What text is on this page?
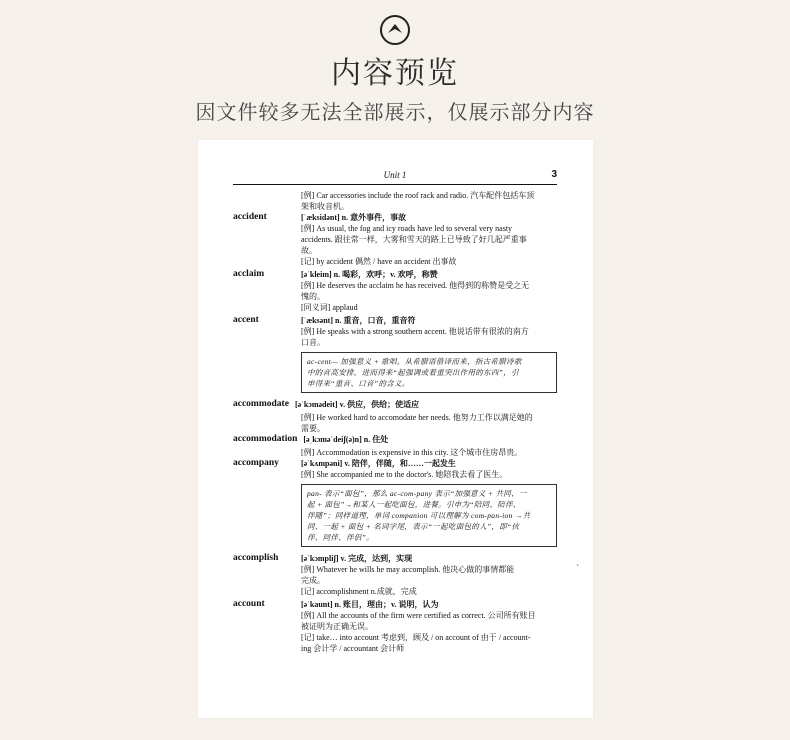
内容预览
因文件较多无法全部展示，仅展示部分内容
Unit 1	3
[例] Car accessories include the roof rack and radio. 汽车配件包括车顶
架和收音机。
accident	[ˈæksidənt] n. 意外事件，事故
[例] As usual, the fog and icy roads have led to several very nasty
accidents. 跟往常一样，大雾和雪天的路上已导致了好几起严重事
故。
[记] by accident 偶然 / have an accident 出事故
acclaim	[əˈkleim] n. 喝彩，欢呼；v. 欢呼，称赞
[例] He deserves the acclaim he has received. 他得到的称赞是受之无
愧的。
[同义词] applaud
accent	[ˈæksənt] n. 重音，口音，重音符
[例] He speaks with a strong southern accent. 他说话带有很浓的南方
口音。
ac-cent— 加强意义 + 歌唱，从希腊语借译而来，指古希腊诗歌
中的音高安排，进而得来“起强调或着重突出作用的东西”，引
申得来“重音、口音”的含义。
accommodate [əˈkɔmədeit] v. 供应，供给；使适应
[例] He worked hard to accomodate her needs. 他努力工作以满足她的
需要。
accommodation [əˌkɔməˈdeiʃ(ə)n] n. 住处
[例] Accommodation is expensive in this city. 这个城市住房昂贵。
accompany	[əˈkʌmpəni] v. 陪伴，伴随，和……一起发生
[例] She accompanied me to the doctor's. 她陪我去看了医生。
pan- 表示“面包”，那么 ac-com-pany 表示“加强意义 + 共同、一
起 + 面包”→和某人一起吃面包，进餐。引申为“陪同、陪伴、
伴随”；同样道理，单词 companion 可以理解为 com-pan-ion →共
同、一起 + 面包 + 名词字尾，表示“一起吃面包的人”，即“伙
伴、同伴、伴侣”。
accomplish	[əˈkɔmpliʃ] v. 完成，达到，实现
[例] Whatever he wills he may accomplish. 他决心做的事情都能
完成。
[记] accomplishment n.成就，完成
account	[əˈkaunt] n. 账目，理由；v. 说明，认为
[例] All the accounts of the firm were certified as correct. 公司所有账目
被证明为正确无误。
[记] take… into account 考虑到，顾及 / on account of 由于 / account-
ing 会计学 / accountant 会计师
`
